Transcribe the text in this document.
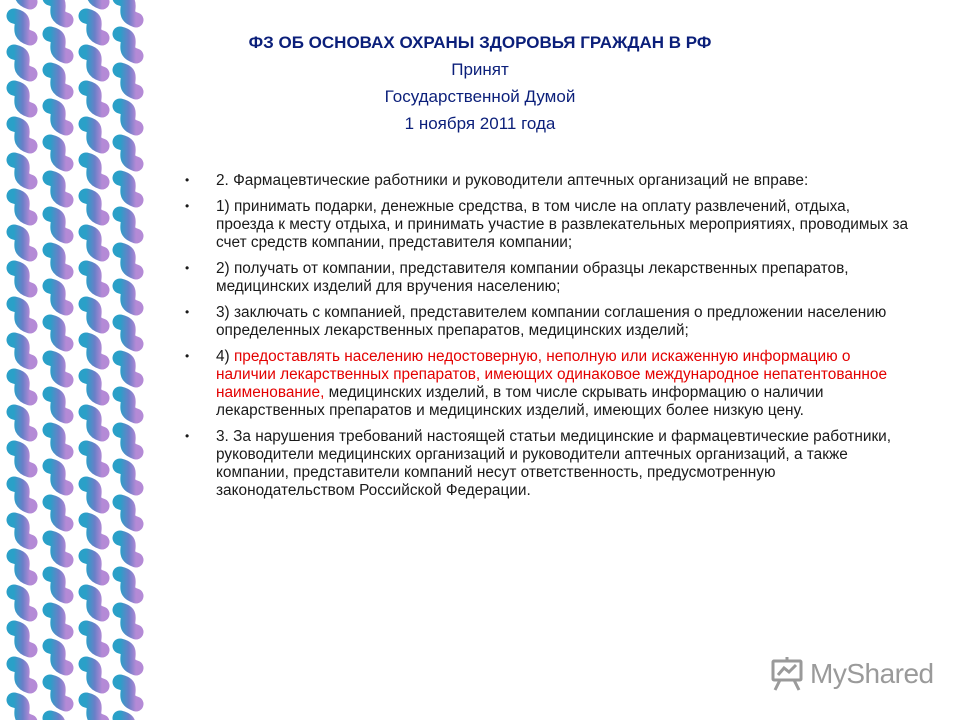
ФЗ ОБ ОСНОВАХ ОХРАНЫ ЗДОРОВЬЯ ГРАЖДАН В РФ
Принят
Государственной Думой
1 ноября 2011 года
• 2. Фармацевтические работники и руководители аптечных организаций не вправе:
• 1) принимать подарки, денежные средства, в том числе на оплату развлечений, отдыха, проезда к месту отдыха, и принимать участие в развлекательных мероприятиях, проводимых за счет средств компании, представителя компании;
• 2) получать от компании, представителя компании образцы лекарственных препаратов, медицинских изделий для вручения населению;
• 3) заключать с компанией, представителем компании соглашения о предложении населению определенных лекарственных препаратов, медицинских изделий;
• 4) предоставлять населению недостоверную, неполную или искаженную информацию о наличии лекарственных препаратов, имеющих одинаковое международное непатентованное наименование, медицинских изделий, в том числе скрывать информацию о наличии лекарственных препаратов и медицинских изделий, имеющих более низкую цену.
• 3. За нарушения требований настоящей статьи медицинские и фармацевтические работники, руководители медицинских организаций и руководители аптечных организаций, а также компании, представители компаний несут ответственность, предусмотренную законодательством Российской Федерации.
MyShared
